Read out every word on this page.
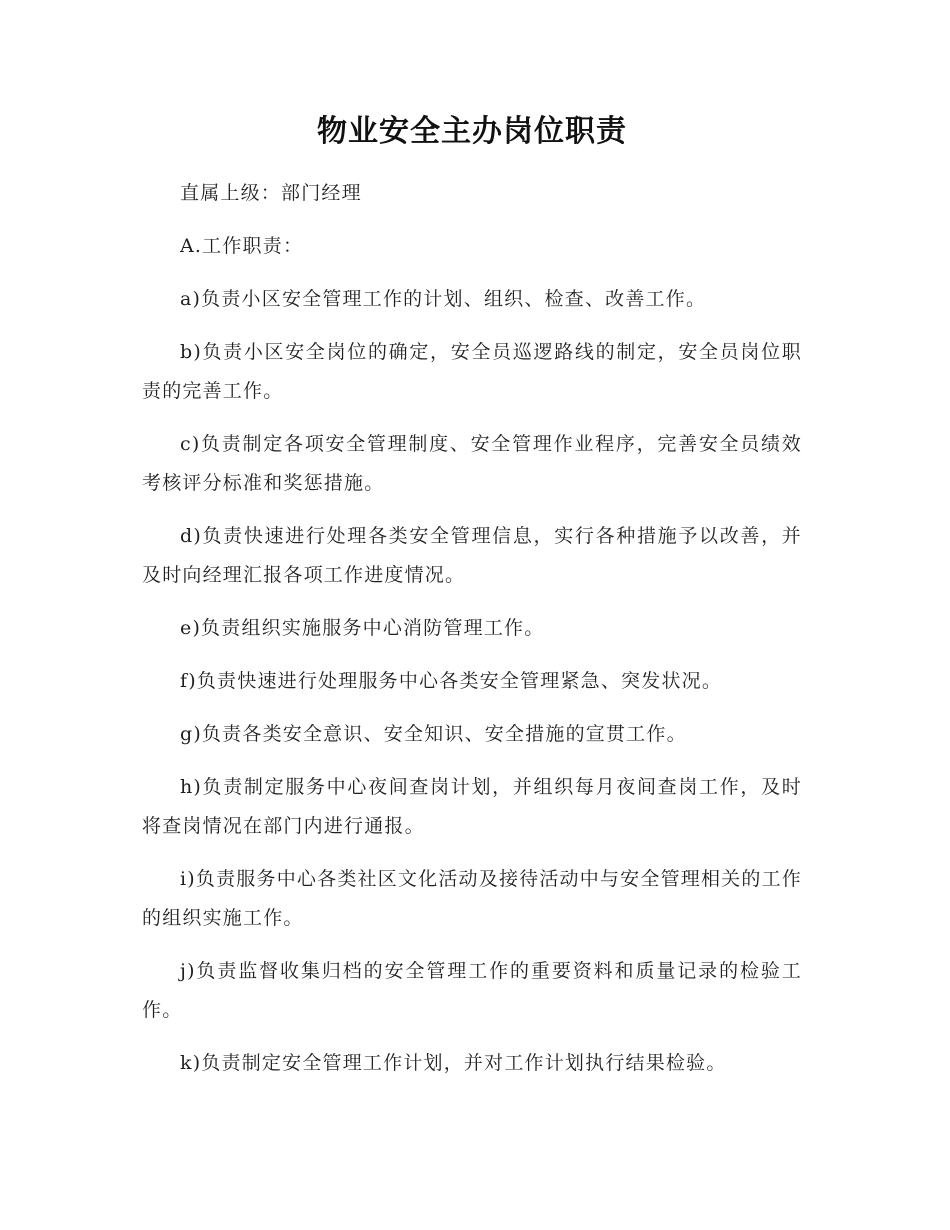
物业安全主办岗位职责

直属上级：部门经理

A.工作职责：

a)负责小区安全管理工作的计划、组织、检查、改善工作。

b)负责小区安全岗位的确定，安全员巡逻路线的制定，安全员岗位职责的完善工作。

c)负责制定各项安全管理制度、安全管理作业程序，完善安全员绩效考核评分标准和奖惩措施。

d)负责快速进行处理各类安全管理信息，实行各种措施予以改善，并及时向经理汇报各项工作进度情况。

e)负责组织实施服务中心消防管理工作。

f)负责快速进行处理服务中心各类安全管理紧急、突发状况。

g)负责各类安全意识、安全知识、安全措施的宣贯工作。

h)负责制定服务中心夜间查岗计划，并组织每月夜间查岗工作，及时将查岗情况在部门内进行通报。

i)负责服务中心各类社区文化活动及接待活动中与安全管理相关的工作的组织实施工作。

j)负责监督收集归档的安全管理工作的重要资料和质量记录的检验工作。

k)负责制定安全管理工作计划，并对工作计划执行结果检验。
